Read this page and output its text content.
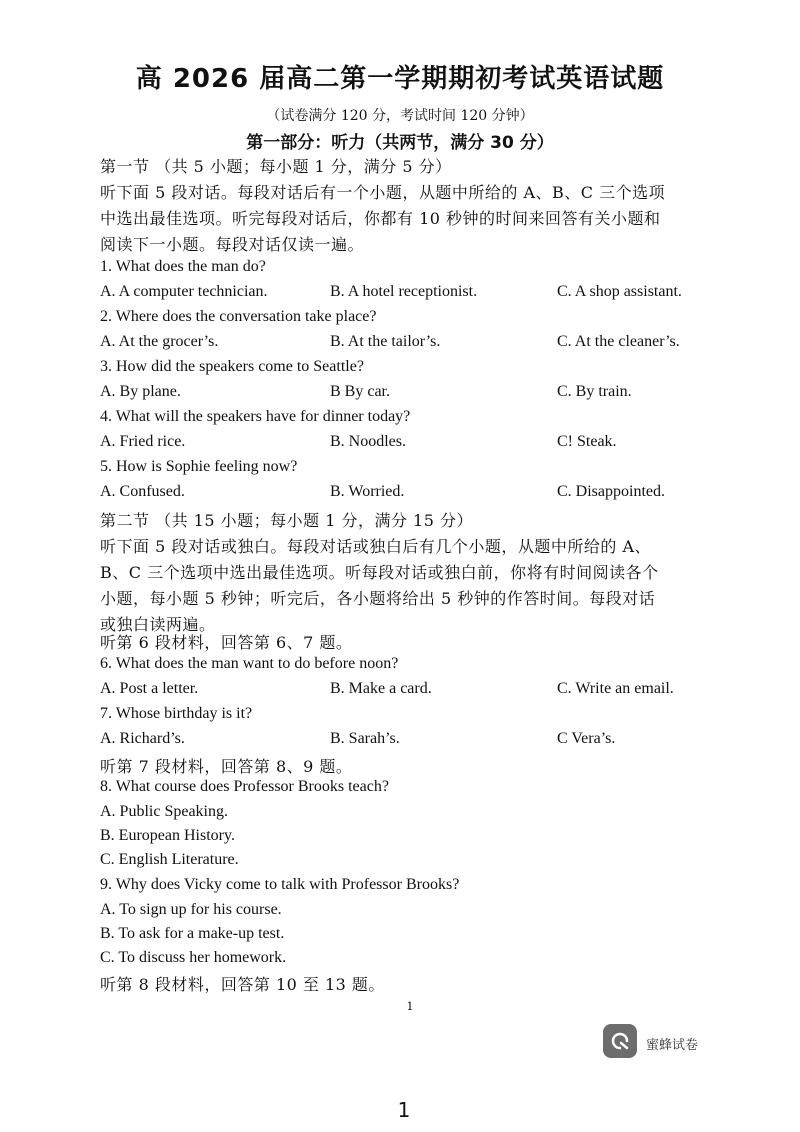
高 2026 届高二第一学期期初考试英语试题
（试卷满分 120 分，考试时间 120 分钟）
第一部分：听力（共两节，满分 30 分）
第一节 （共 5 小题；每小题 1 分，满分 5 分）
听下面 5 段对话。每段对话后有一个小题，从题中所给的 A、B、C 三个选项
中选出最佳选项。听完每段对话后，你都有 10 秒钟的时间来回答有关小题和
阅读下一小题。每段对话仅读一遍。
1. What does the man do?
A. A computer technician.	B. A hotel receptionist.	C. A shop assistant.
2. Where does the conversation take place?
A. At the grocer’s.	B. At the tailor’s.	C. At the cleaner’s.
3. How did the speakers come to Seattle?
A. By plane.	B By car.	C. By train.
4. What will the speakers have for dinner today?
A. Fried rice.	B. Noodles.	C! Steak.
5. How is Sophie feeling now?
A. Confused.	B. Worried.	C. Disappointed.
第二节 （共 15 小题；每小题 1 分，满分 15 分）
听下面 5 段对话或独白。每段对话或独白后有几个小题，从题中所给的 A、
B、C 三个选项中选出最佳选项。听每段对话或独白前，你将有时间阅读各个
小题，每小题 5 秒钟；听完后，各小题将给出 5 秒钟的作答时间。每段对话
或独白读两遍。
听第 6 段材料，回答第 6、7 题。
6. What does the man want to do before noon?
A. Post a letter.	B. Make a card.	C. Write an email.
7. Whose birthday is it?
A. Richard’s.	B. Sarah’s.	C Vera’s.
听第 7 段材料，回答第 8、9 题。
8. What course does Professor Brooks teach?
A. Public Speaking.
B. European History.
C. English Literature.
9. Why does Vicky come to talk with Professor Brooks?
A. To sign up for his course.
B. To ask for a make-up test.
C. To discuss her homework.
听第 8 段材料，回答第 10 至 13 题。
1
蜜蜂试卷
1
